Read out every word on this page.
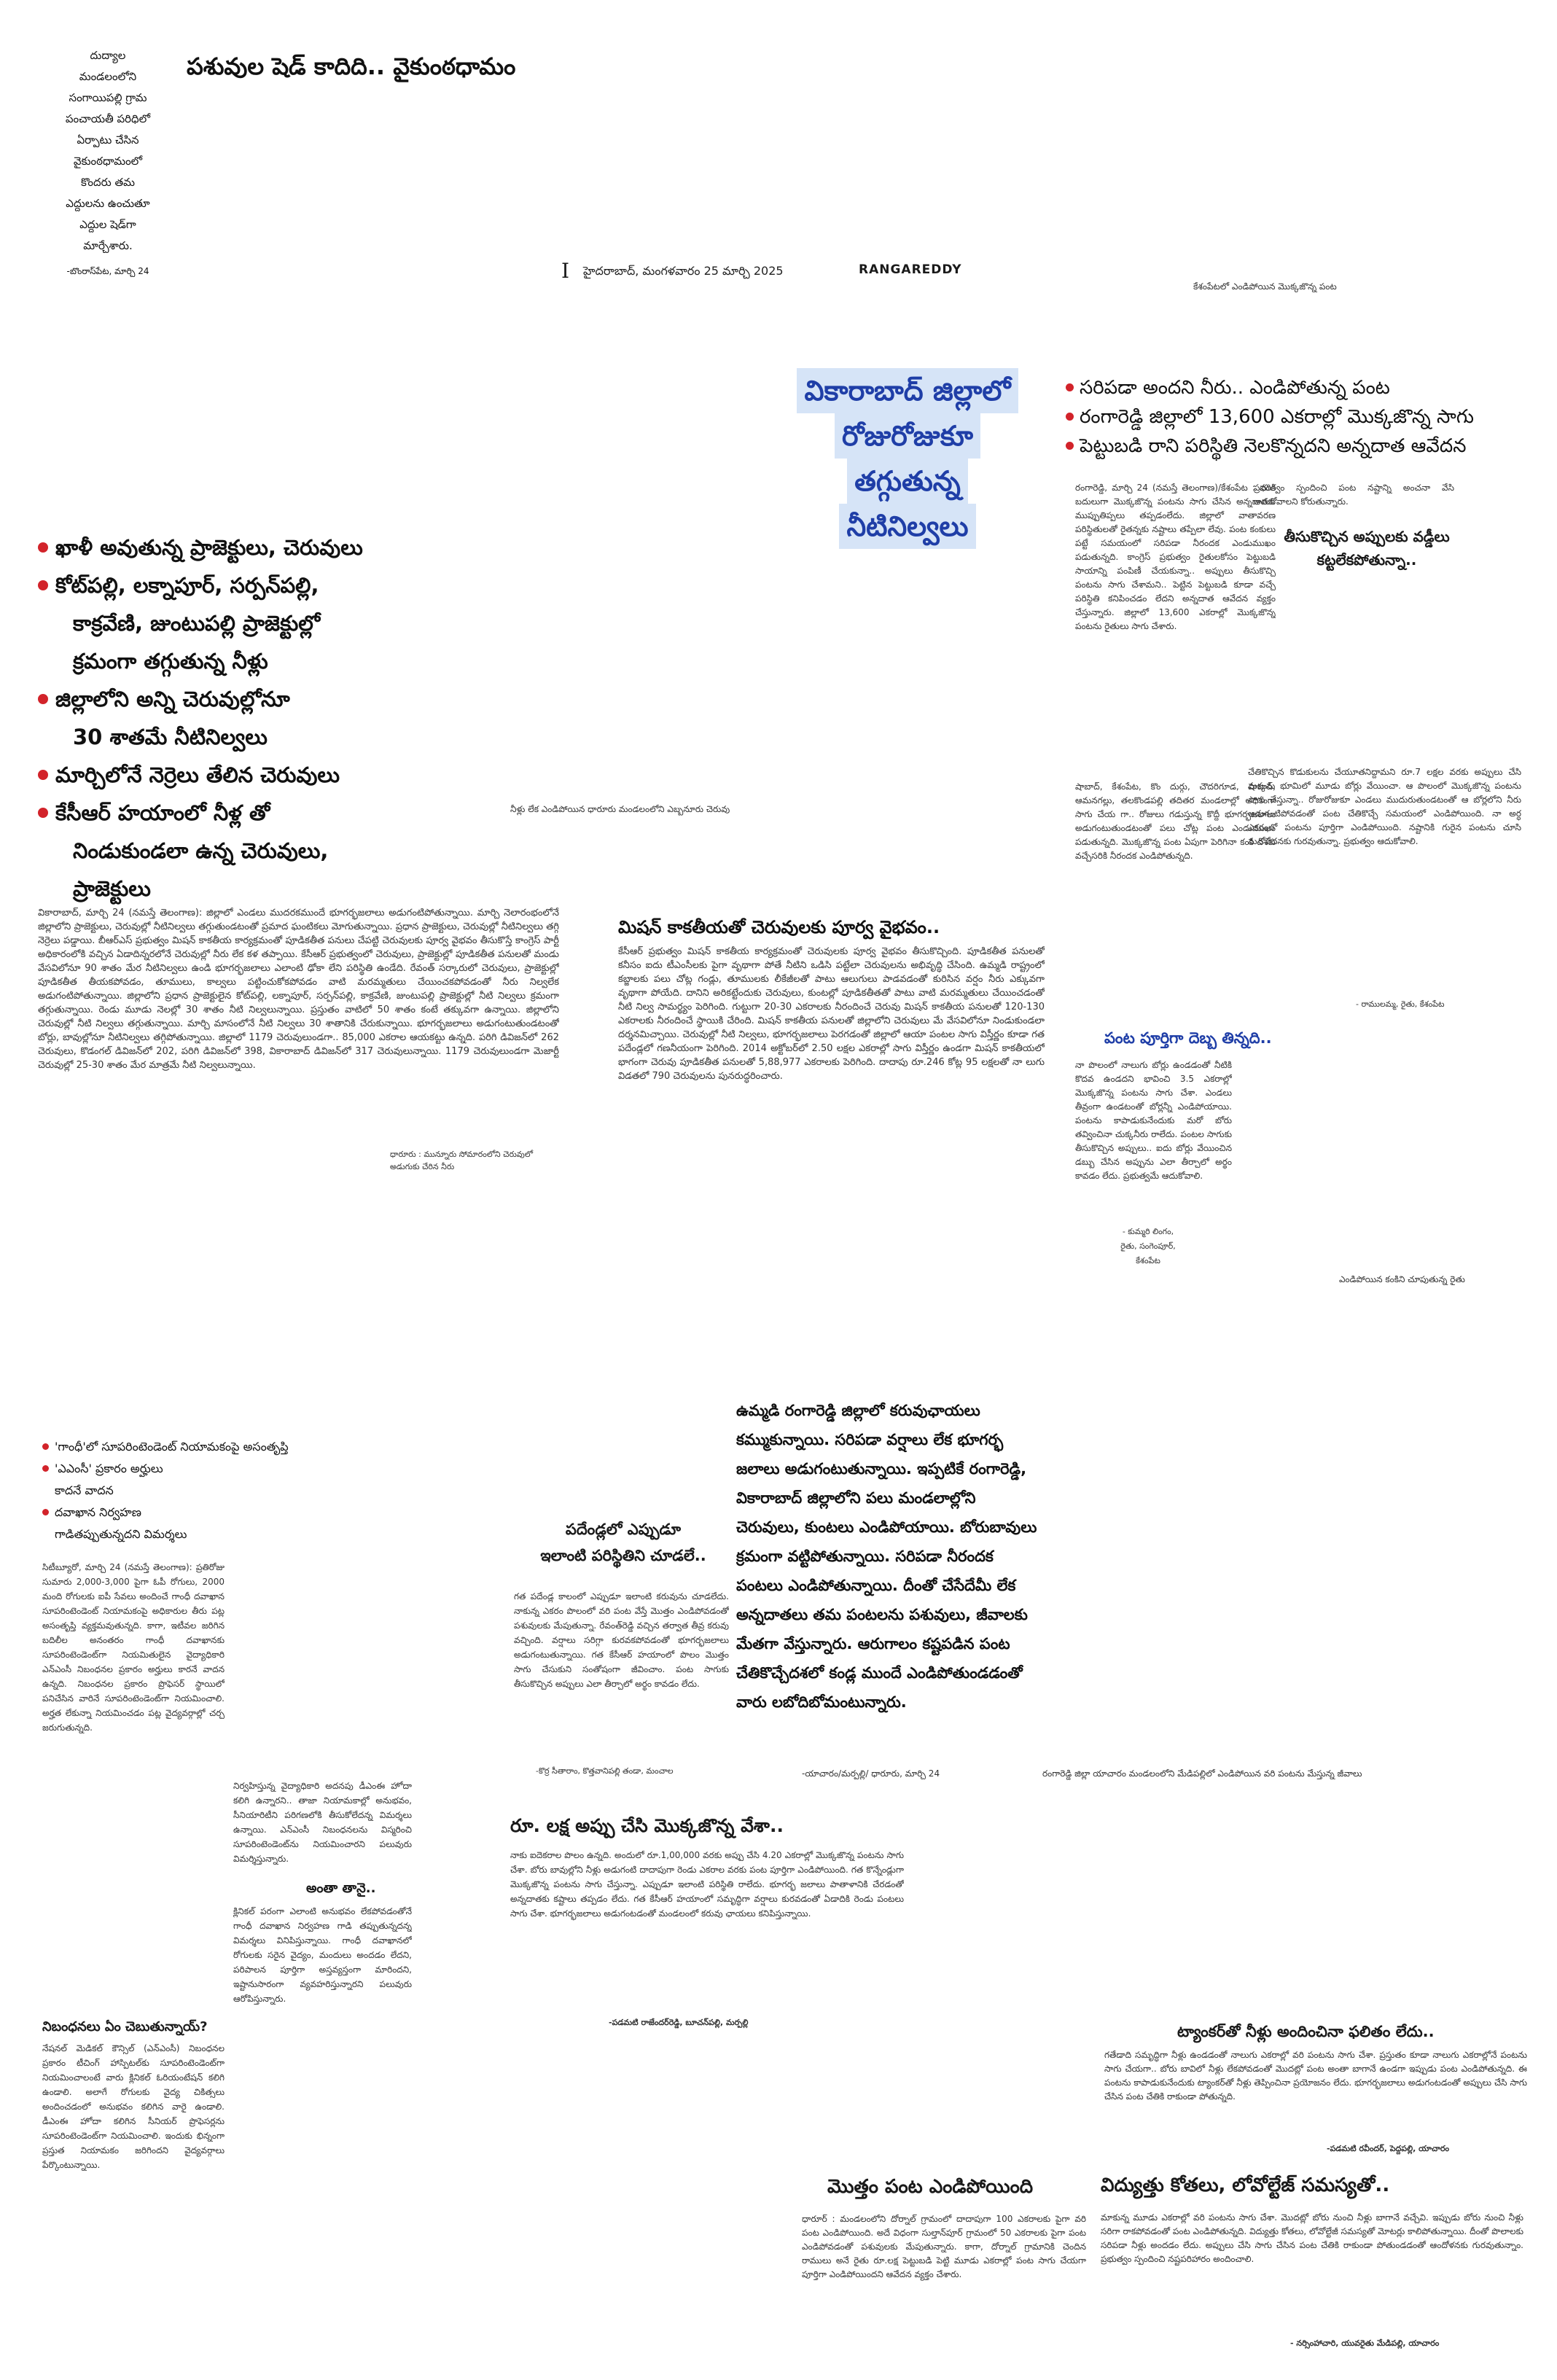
దుద్యాల
మండలంలోని
సంగాయిపల్లి గ్రామ
పంచాయతీ పరిధిలో
ఏర్పాటు చేసిన
వైకుంఠధామంలో
కొందరు తమ
ఎద్దులను ఉంచుతూ
ఎద్దుల షెడ్‌గా
మార్చేశారు.
-బొంరాస్‌పేట, మార్చి 24
పశువుల షెడ్ కాదిది.. వైకుంఠధామం
I హైదరాబాద్, మంగళవారం 25 మార్చి 2025	RANGAREDDY
కేశంపేటలో ఎండిపోయిన మొక్కజొన్న పంట
వికారాబాద్ జిల్లాలో
రోజురోజుకూ
తగ్గుతున్న
నీటినిల్వలు
ఖాళీ అవుతున్న ప్రాజెక్టులు, చెరువులు
కోట్‌పల్లి, లక్నాపూర్, సర్పన్‌పల్లి,
కాక్రవేణి, జుంటుపల్లి ప్రాజెక్టుల్లో
క్రమంగా తగ్గుతున్న నీళ్లు
జిల్లాలోని అన్ని చెరువుల్లోనూ
30 శాతమే నీటినిల్వలు
మార్చిలోనే నెర్రెలు తేలిన చెరువులు
కేసీఆర్ హయాంలో నీళ్ల తో
నిండుకుండలా ఉన్న చెరువులు,
ప్రాజెక్టులు
నీళ్లు లేక ఎండిపోయిన ధారూరు మండలంలోని ఎబ్బనూరు చెరువు
వికారాబాద్, మార్చి 24 (నమస్తే తెలంగాణ): జిల్లాలో ఎండలు ముదరకముందే భూగర్భజలాలు అడుగంటిపోతున్నాయి. మార్చి నెలారంభంలోనే జిల్లాలోని ప్రాజెక్టులు, చెరువుల్లో నీటినిల్వలు తగ్గుతుండటంతో ప్రమాద ఘంటికలు మోగుతున్నాయి. ప్రధాన ప్రాజెక్టులు, చెరువుల్లో నీటినిల్వలు తగ్గి నెర్రెలు పడ్డాయి. బీఆర్‌ఎస్ ప్రభుత్వం మిషన్ కాకతీయ కార్యక్రమంతో పూడికతీత పనులు చేపట్టి చెరువులకు పూర్వ వైభవం తీసుకొస్తే కాంగ్రెస్ పార్టీ అధికారంలోకి వచ్చిన ఏడాదిన్నరలోనే చెరువుల్లో నీరు లేక కళ తప్పాయి. కేసీఆర్ ప్రభుత్వంలో చెరువులు, ప్రాజెక్టుల్లో పూడికతీత పనులతో మండు వేసవిలోనూ 90 శాతం మేర నీటినిల్వలు ఉండి భూగర్భజలాలు ఎలాంటి ఢోకా లేని పరిస్థితి ఉండేది. రేవంత్ సర్కారులో చెరువులు, ప్రాజెక్టుల్లో పూడికతీత తీయకపోవడం, తూములు, కాల్వలు పట్టించుకోకపోవడం వాటి మరమ్మతులు చేయించకపోవడంతో నీరు నిల్వలేక అడుగంటిపోతున్నాయి. జిల్లాలోని ప్రధాన ప్రాజెక్టులైన కోట్‌పల్లి, లక్నాపూర్, సర్పన్‌పల్లి, కాక్రవేణి, జుంటుపల్లి ప్రాజెక్టుల్లో నీటి నిల్వలు క్రమంగా తగ్గుతున్నాయి. రెండు మూడు నెలల్లో 30 శాతం నీటి నిల్వలున్నాయి. ప్రస్తుతం వాటిలో 50 శాతం కంటే తక్కువగా ఉన్నాయి. జిల్లాలోని చెరువుల్లో నీటి నిల్వలు తగ్గుతున్నాయి. మార్చి మాసంలోనే నీటి నిల్వలు 30 శాతానికి చేరుకున్నాయి. భూగర్భజలాలు అడుగంటుతుండటంతో బోర్లు, బావుల్లోనూ నీటినిల్వలు తగ్గిపోతున్నాయి. జిల్లాలో 1179 చెరువులుండగా.. 85,000 ఎకరాల ఆయకట్టు ఉన్నది. పరిగి డివిజన్‌లో 262 చెరువులు, కొడంగల్ డివిజన్‌లో 202, పరిగి డివిజన్‌లో 398, వికారాబాద్ డివిజన్‌లో 317 చెరువులున్నాయి. 1179 చెరువులుండగా మెజార్టీ చెరువుల్లో 25-30 శాతం మేర మాత్రమే నీటి నిల్వలున్నాయి.
ధారూరు : మున్నూరు సోమారంలోని చెరువులో అడుగుకు చేరిన నీరు
మిషన్ కాకతీయతో చెరువులకు పూర్వ వైభవం..
కేసీఆర్ ప్రభుత్వం మిషన్ కాకతీయ కార్యక్రమంతో చెరువులకు పూర్వ వైభవం తీసుకొచ్చింది. పూడికతీత పనులతో కనీసం ఐదు టీఎంసీలకు పైగా వృథాగా పోతే నీటిని ఒడిసి పట్టేలా చెరువులను అభివృద్ధి చేసింది. ఉమ్మడి రాష్ట్రంలో కబ్జాలకు పలు చోట్ల గండ్లు, తూములకు లీకేజీలతో పాటు ఆలుగులు పాడవడంతో కురిసిన వర్షం నీరు ఎక్కువగా వృథాగా పోయేది. దానిని అరికట్టేందుకు చెరువులు, కుంటల్లో పూడికతీతతో పాటు వాటి మరమ్మతులు చేయించడంతో నీటి నిల్వ సామర్థ్యం పెరిగింది. గుట్టుగా 20-30 ఎకరాలకు నీరందించే చెరువు మిషన్ కాకతీయ పనులతో 120-130 ఎకరాలకు నీరందించే స్థాయికి చేరింది. మిషన్ కాకతీయ పనులతో జిల్లాలోని చెరువులు మే వేసవిలోనూ నిండుకుండలా దర్శనమిచ్చాయి. చెరువుల్లో నీటి నిల్వలు, భూగర్భజలాలు పెరగడంతో జిల్లాలో ఆయా పంటల సాగు విస్తీర్ణం కూడా గత పదేండ్లలో గణనీయంగా పెరిగింది. 2014 అక్టోబర్‌లో 2.50 లక్షల ఎకరాల్లో సాగు విస్తీర్ణం ఉండగా మిషన్ కాకతీయలో భాగంగా చెరువు పూడికతీత పనులతో 5,88,977 ఎకరాలకు పెరిగింది. దాదాపు రూ.246 కోట్ల 95 లక్షలతో నా లుగు విడతలో 790 చెరువులను పునరుద్ధరించారు.
సరిపడా అందని నీరు.. ఎండిపోతున్న పంట
రంగారెడ్డి జిల్లాలో 13,600 ఎకరాల్లో మొక్కజొన్న సాగు
పెట్టుబడి రాని పరిస్థితి నెలకొన్నదని అన్నదాత ఆవేదన
రంగారెడ్డి, మార్చి 24 (నమస్తే తెలంగాణ)/కేశంపేట : వరికి బదులుగా మొక్కజొన్న పంటను సాగు చేసిన అన్నదాతకు ముప్పుతిప్పలు తప్పడంలేదు. జిల్లాలో వాతావరణ పరిస్థితులతో రైతన్నకు నష్టాలు తప్పేలా లేవు. పంట కంకులు పట్టే సమయంలో సరిపడా నీరందక ఎండుముఖం పడుతున్నది. కాంగ్రెస్ ప్రభుత్వం రైతులకోసం పెట్టుబడి సాయాన్ని పంపిణీ చేయకున్నా.. అప్పులు తీసుకొచ్చి పంటను సాగు చేశామని.. పెట్టిన పెట్టుబడి కూడా వచ్చే పరిస్థితి కనిపించడం లేదని అన్నదాత ఆవేదన వ్యక్తం చేస్తున్నారు. జిల్లాలో 13,600 ఎకరాల్లో మొక్కజొన్న పంటను రైతులు సాగు చేశారు.
షాబాద్, కేశంపేట, కొం దుర్గు, చౌదరిగూడ, షాబాద్, ఆమనగల్లు, తలకొండపల్లి తదితర మండలాల్లో అధికంగా సాగు చేయ గా.. రోజులు గడుస్తున్న కొద్దీ భూగర్భజలాలు అడుగంటుతుండటంతో పలు చోట్ల పంట ఎండుముఖం పడుతున్నది. మొక్కజొన్న పంట ఏపుగా పెరిగినా కంకి దశకు వచ్చేసరికి నీరందక ఎండిపోతున్నది.
ప్రభుత్వం స్పందించి పంట నష్టాన్ని అంచనా వేసి ఆదుకోవాలని కోరుతున్నారు.
తీసుకొచ్చిన అప్పులకు వడ్డీలు కట్టలేకపోతున్నా..
చేతికొచ్చిన కొడుకులను చేయూతనిద్దామని రూ.7 లక్షల వరకు అప్పులు చేసి మక్కను భూమిలో మూడు బోర్లు వేయించా. ఆ పొలంలో మొక్కజొన్న పంటను సాగు చేస్తున్నా.. రోజురోజుకూ ఎండలు ముదురుతుండటంతో ఆ బోర్లలోని నీరు అడుగంటిపోవడంతో పంట చేతికొచ్చే సమయంలో ఎండిపోయింది. నా అర్ధ ఎకరంలో పంటను పూర్తిగా ఎండిపోయింది. నష్టానికి గురైన పంటను చూసి మనోవేదనకు గురవుతున్నా. ప్రభుత్వం ఆదుకోవాలి.
- రాములమ్మ, రైతు, కేశంపేట
పంట పూర్తిగా దెబ్బ తిన్నది..
నా పొలంలో నాలుగు బోర్లు ఉండడంతో నీటికి కొదవ ఉండదని భావించి 3.5 ఎకరాల్లో మొక్కజొన్న పంటను సాగు చేశా. ఎండలు తీవ్రంగా ఉండటంతో బోర్లన్నీ ఎండిపోయాయి. పంటను కాపాడుకునేందుకు మరో బోరు తవ్వించినా చుక్కనీరు రాలేదు. పంటల సాగుకు తీసుకొచ్చిన అప్పులు.. ఐదు బోర్లు వేయించిన డబ్బు చేసిన అప్పును ఎలా తీర్చాలో అర్థం కావడం లేదు. ప్రభుత్వమే ఆదుకోవాలి.
- కుమ్మరి లింగం,
రైతు, సంగెంపూర్,
కేశంపేట
ఎండిపోయిన కంకిని చూపుతున్న రైతు
'గాంధీ'లో సూపరింటెండెంట్ నియామకంపై అసంతృప్తి
'ఎఎంసీ' ప్రకారం అర్హులు
కాదనే వాదన
దవాఖాన నిర్వహణ
గాడితప్పుతున్నదని విమర్శలు
సిటీబ్యూరో, మార్చి 24 (నమస్తే తెలంగాణ): ప్రతిరోజు సుమారు 2,000-3,000 పైగా ఓపీ రోగులు, 2000 మంది రోగులకు ఐపీ సేవలు అందించే గాంధీ దవాఖాన సూపరింటెండెంట్ నియామకంపై అధికారుల తీరు పట్ల అసంతృప్తి వ్యక్తమవుతున్నది. కాగా, ఇటీవల జరిగిన బదిలీల అనంతరం గాంధీ దవాఖానకు సూపరింటెండెంట్‌గా నియమితులైన వైద్యాధికారి ఎన్ఎంసీ నిబంధనల ప్రకారం అర్హులు కారనే వాదన ఉన్నది. నిబంధనల ప్రకారం ప్రొఫెసర్ స్థాయిలో పనిచేసిన వారినే సూపరింటెండెంట్‌గా నియమించాలి. అర్హత లేకున్నా నియమించడం పట్ల వైద్యవర్గాల్లో చర్చ జరుగుతున్నది.
నిర్వహిస్తున్న వైద్యాధికారి అదనపు డీఎంఈ హోదా కలిగి ఉన్నారని.. తాజా నియామకాల్లో అనుభవం, సీనియారిటీని పరిగణలోకి తీసుకోలేదన్న విమర్శలు ఉన్నాయి. ఎన్ఎంసీ నిబంధనలను విస్మరించి సూపరింటెండెంట్‌ను నియమించారని పలువురు విమర్శిస్తున్నారు.
అంతా తానై..
క్లినికల్ పరంగా ఎలాంటి అనుభవం లేకపోవడంతోనే గాంధీ దవాఖాన నిర్వహణ గాడి తప్పుతున్నదన్న విమర్శలు వినిపిస్తున్నాయి. గాంధీ దవాఖానలో రోగులకు సరైన వైద్యం, మందులు అందడం లేదని, పరిపాలన పూర్తిగా అస్తవ్యస్తంగా మారిందని, ఇష్టానుసారంగా వ్యవహరిస్తున్నారని పలువురు ఆరోపిస్తున్నారు.
నిబంధనలు ఏం చెబుతున్నాయ్?
నేషనల్ మెడికల్ కౌన్సిల్ (ఎన్ఎంసీ) నిబంధనల ప్రకారం టీచింగ్ హాస్పిటల్‌కు సూపరింటెండెంట్‌గా నియమించాలంటే వారు క్లినికల్ ఓరియంటేషన్ కలిగి ఉండాలి. అలాగే రోగులకు వైద్య చికిత్సలు అందించడంలో అనుభవం కలిగిన వారై ఉండాలి. డీఎంఈ హోదా కలిగిన సీనియర్ ప్రొఫెసర్లను సూపరింటెండెంట్‌గా నియమించాలి. ఇందుకు భిన్నంగా ప్రస్తుత నియామకం జరిగిందని వైద్యవర్గాలు పేర్కొంటున్నాయి.
ఉమ్మడి రంగారెడ్డి జిల్లాలో కరువుఛాయలు కమ్ముకున్నాయి. సరిపడా వర్షాలు లేక భూగర్భ జలాలు అడుగంటుతున్నాయి. ఇప్పటికే రంగారెడ్డి, వికారాబాద్ జిల్లాలోని పలు మండలాల్లోని చెరువులు, కుంటలు ఎండిపోయాయి. బోరుబావులు క్రమంగా వట్టిపోతున్నాయి. సరిపడా నీరందక పంటలు ఎండిపోతున్నాయి. దీంతో చేసేదేమీ లేక అన్నదాతలు తమ పంటలను పశువులు, జీవాలకు మేతగా వేస్తున్నారు. ఆరుగాలం కష్టపడిన పంట చేతికొచ్చేదశలో కండ్ల ముందే ఎండిపోతుండడంతో వారు లబోదిబోమంటున్నారు.
-యాచారం/మర్పల్లి/ ధారూరు, మార్చి 24
పదేండ్లలో ఎప్పుడూ
ఇలాంటి పరిస్థితిని చూడలే..
గత పదేండ్ల కాలంలో ఎప్పుడూ ఇలాంటి కరువును చూడలేదు. నాకున్న ఎకరం పొలంలో వరి పంట వేస్తే మొత్తం ఎండిపోవడంతో పశువులకు మేపుతున్నా. రేవంత్‌రెడ్డి వచ్చిన తర్వాత తీవ్ర కరువు వచ్చింది. వర్షాలు సరిగ్గా కురవకపోవడంతో భూగర్భజలాలు అడుగంటుతున్నాయి. గత కేసీఆర్ హయాంలో పొలం మొత్తం సాగు చేసుకుని సంతోషంగా జీవించాం. పంట సాగుకు తీసుకొచ్చిన అప్పులు ఎలా తీర్చాలో అర్థం కావడం లేదు.
-కొర్ర సీతారాం, కొత్తవానిపల్లి తండా, మంచాల	రంగారెడ్డి జిల్లా యాచారం మండలంలోని మేడిపల్లిలో ఎండిపోయిన వరి పంటను మేస్తున్న జీవాలు
రూ. లక్ష అప్పు చేసి మొక్కజొన్న వేశా..
నాకు ఐదెకరాల పొలం ఉన్నది. అందులో రూ.1,00,000 వరకు అప్పు చేసి 4.20 ఎకరాల్లో మొక్కజొన్న పంటను సాగు చేశా. బోరు బావుల్లోని నీళ్లు అడుగంటి దాదాపుగా రెండు ఎకరాల వరకు పంట పూర్తిగా ఎండిపోయింది. గత కొన్నేండ్లుగా మొక్కజొన్న పంటను సాగు చేస్తున్నా. ఎప్పుడూ ఇలాంటి పరిస్థితి రాలేదు. భూగర్భ జలాలు పాతాళానికి చేరడంతో అన్నదాతకు కష్టాలు తప్పడం లేదు. గత కేసీఆర్ హయాంలో సమృద్ధిగా వర్షాలు కురవడంతో ఏడాదికి రెండు పంటలు సాగు చేశా. భూగర్భజలాలు అడుగంటడంతో మండలంలో కరువు ఛాయలు కనిపిస్తున్నాయి.
-పడమటి రాజేందర్‌రెడ్డి, బూచన్‌పల్లి, మర్పల్లి
ట్యాంకర్‌తో నీళ్లు అందించినా ఫలితం లేదు..
గతేడాది సమృద్ధిగా నీళ్లు ఉండడంతో నాలుగు ఎకరాల్లో వరి పంటను సాగు చేశా. ప్రస్తుతం కూడా నాలుగు ఎకరాల్లోనే పంటను సాగు చేయగా.. బోరు బావిలో నీళ్లు లేకపోవడంతో మొదట్లో పంట అంతా బాగానే ఉండగా ఇప్పుడు పంట ఎండిపోతున్నది. ఈ పంటను కాపాడుకునేందుకు ట్యాంకర్‌తో నీళ్లు తెప్పించినా ప్రయోజనం లేదు. భూగర్భజలాలు అడుగంటడంతో అప్పులు చేసి సాగు చేసిన పంట చేతికి రాకుండా పోతున్నది.
-పడమటి రవీందర్, పెద్దపల్లి, యాచారం
మొత్తం పంట ఎండిపోయింది
ధారూర్ : మండలంలోని దోర్నాల్ గ్రామంలో దాదాపుగా 100 ఎకరాలకు పైగా వరి పంట ఎండిపోయింది. అదే విధంగా సుల్తాన్‌పూర్ గ్రామంలో 50 ఎకరాలకు పైగా పంట ఎండిపోవడంతో పశువులకు మేపుతున్నారు. కాగా, దోర్నాల్ గ్రామానికి చెందిన రాములు అనే రైతు రూ.లక్ష పెట్టుబడి పెట్టి మూడు ఎకరాల్లో పంట సాగు చేయగా పూర్తిగా ఎండిపోయిందని ఆవేదన వ్యక్తం చేశారు.
విద్యుత్తు కోతలు, లోవోల్టేజ్ సమస్యతో..
మాకున్న మూడు ఎకరాల్లో వరి పంటను సాగు చేశా. మొదట్లో బోరు నుంచి నీళ్లు బాగానే వచ్చేవి. ఇప్పుడు బోరు నుంచి నీళ్లు సరిగా రాకపోవడంతో పంట ఎండిపోతున్నది. విద్యుత్తు కోతలు, లోవోల్టేజీ సమస్యతో మోటర్లు కాలిపోతున్నాయి. దీంతో పొలాలకు సరిపడా నీళ్లు అందడం లేదు. అప్పులు చేసి సాగు చేసిన పంట చేతికి రాకుండా పోతుండడంతో ఆందోళనకు గురవుతున్నాం. ప్రభుత్వం స్పందించి నష్టపరిహారం అందించాలి.
- నర్సింహాచారి, యువరైతు మేడిపల్లి, యాచారం
